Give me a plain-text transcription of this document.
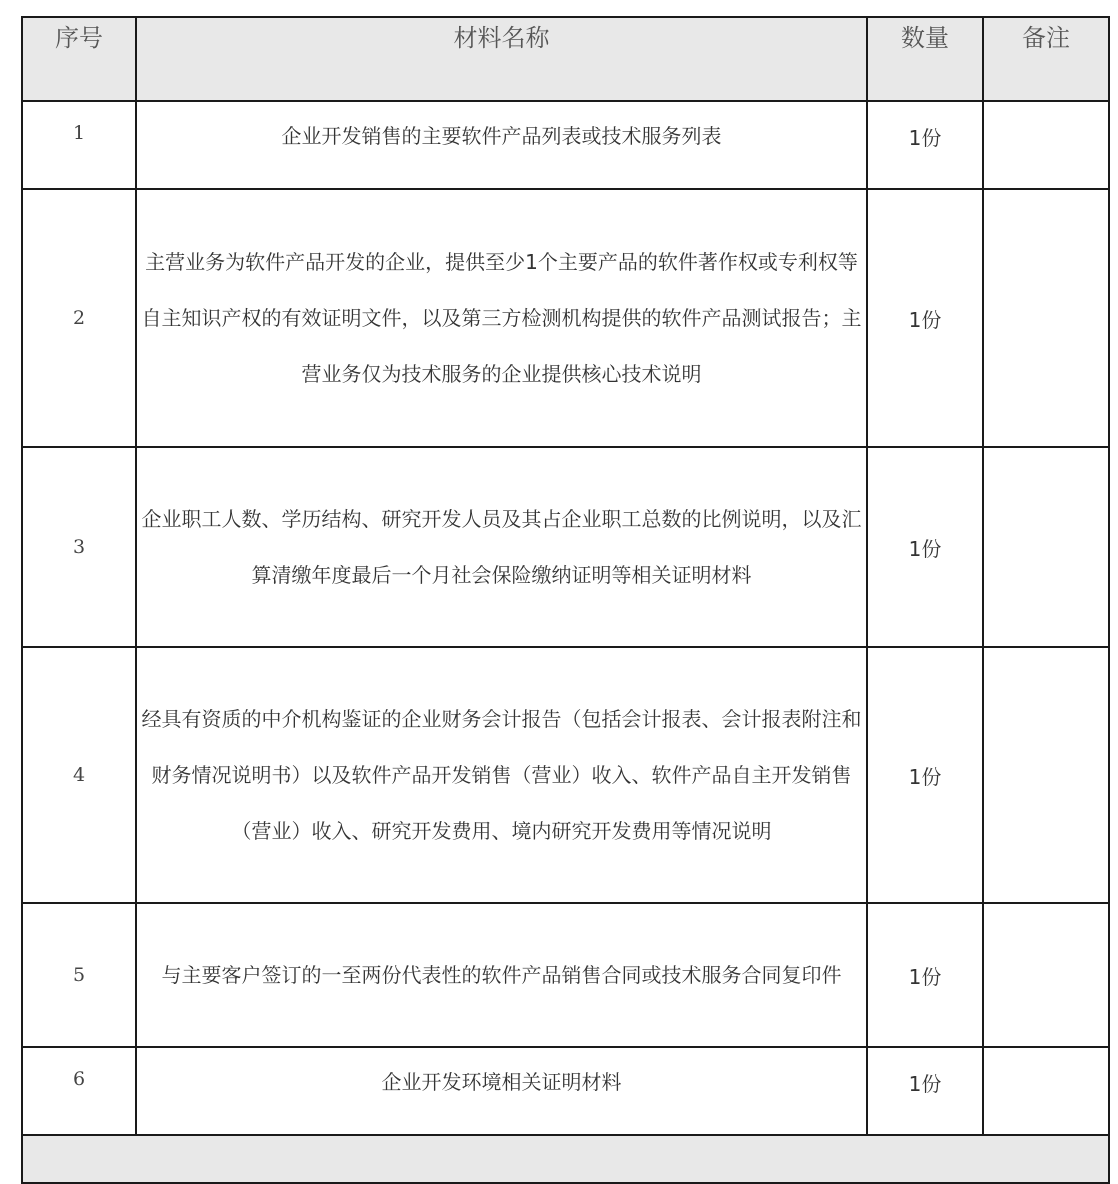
序号	材料名称	数量	备注
1	企业开发销售的主要软件产品列表或技术服务列表	1份	
2	主营业务为软件产品开发的企业，提供至少1个主要产品的软件著作权或专利权等自主知识产权的有效证明文件，以及第三方检测机构提供的软件产品测试报告；主营业务仅为技术服务的企业提供核心技术说明	1份	
3	企业职工人数、学历结构、研究开发人员及其占企业职工总数的比例说明，以及汇算清缴年度最后一个月社会保险缴纳证明等相关证明材料	1份	
4	经具有资质的中介机构鉴证的企业财务会计报告（包括会计报表、会计报表附注和财务情况说明书）以及软件产品开发销售（营业）收入、软件产品自主开发销售（营业）收入、研究开发费用、境内研究开发费用等情况说明	1份	
5	与主要客户签订的一至两份代表性的软件产品销售合同或技术服务合同复印件	1份	
6	企业开发环境相关证明材料	1份	
